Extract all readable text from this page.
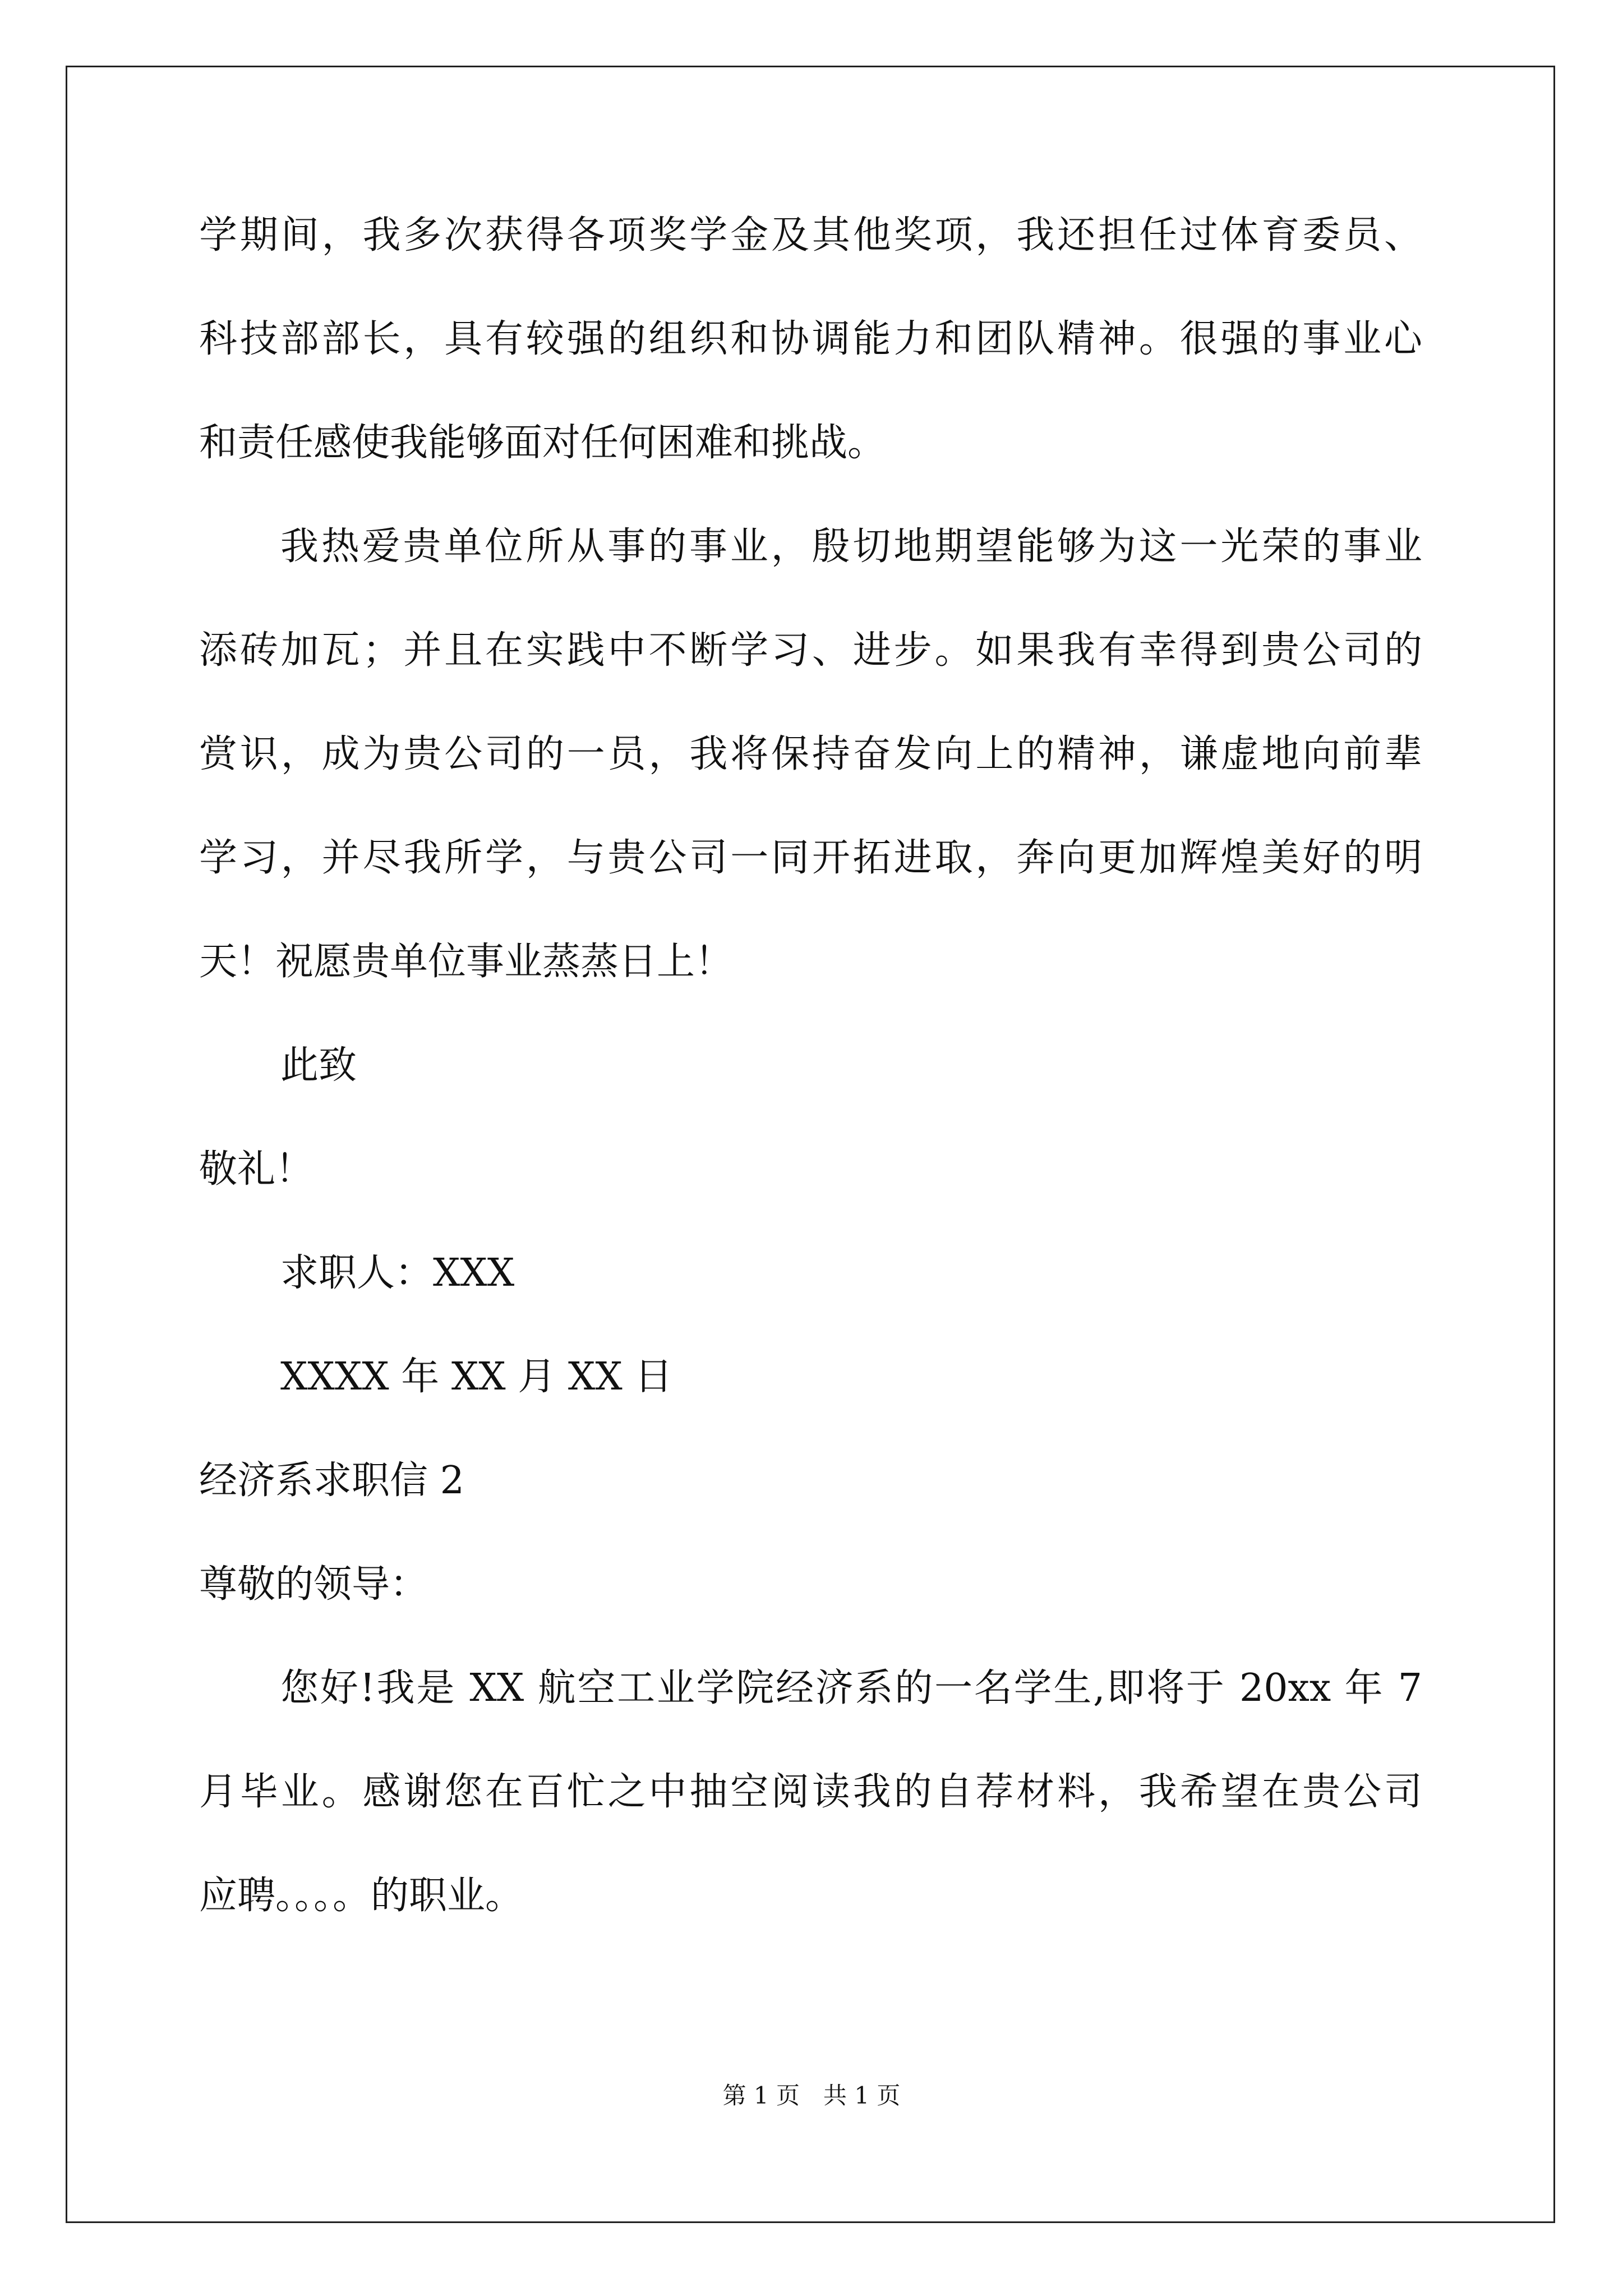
学期间，我多次获得各项奖学金及其他奖项，我还担任过体育委员、
科技部部长，具有较强的组织和协调能力和团队精神。很强的事业心
和责任感使我能够面对任何困难和挑战。
我热爱贵单位所从事的事业，殷切地期望能够为这一光荣的事业
添砖加瓦；并且在实践中不断学习、进步。如果我有幸得到贵公司的
赏识，成为贵公司的一员，我将保持奋发向上的精神，谦虚地向前辈
学习，并尽我所学，与贵公司一同开拓进取，奔向更加辉煌美好的明
天！祝愿贵单位事业蒸蒸日上！
此致
敬礼！
求职人：XXX
XXXX 年 XX 月 XX 日
经济系求职信 2
尊敬的领导：
您好!我是 XX 航空工业学院经济系的一名学生,即将于 20xx 年 7
月毕业。感谢您在百忙之中抽空阅读我的自荐材料，我希望在贵公司
应聘。。。。的职业。
第 1 页　共 1 页
